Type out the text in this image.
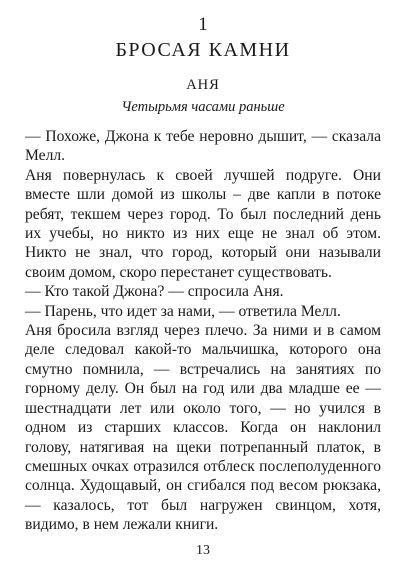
1
БРОСАЯ КАМНИ
АНЯ
Четырьмя часами раньше

— Похоже, Джона к тебе неровно дышит, — сказала Мелл.

Аня повернулась к своей лучшей подруге. Они вместе шли домой из школы – две капли в потоке ребят, текшем через город. То был последний день их учебы, но никто из них еще не знал об этом. Никто не знал, что город, который они называли своим домом, скоро перестанет существовать.

— Кто такой Джона? — спросила Аня.

— Парень, что идет за нами, — ответила Мелл.

Аня бросила взгляд через плечо. За ними и в самом деле следовал какой-то мальчишка, которого она смутно помнила, — встречались на занятиях по горному делу. Он был на год или два младше ее — шестнадцати лет или около того, — но учился в одном из старших классов. Когда он наклонил голову, натягивая на щеки потрепанный платок, в смешных очках отразился отблеск послеполуденного солнца. Худощавый, он сгибался под весом рюкзака, — казалось, тот был нагружен свинцом, хотя, видимо, в нем лежали книги.

13
